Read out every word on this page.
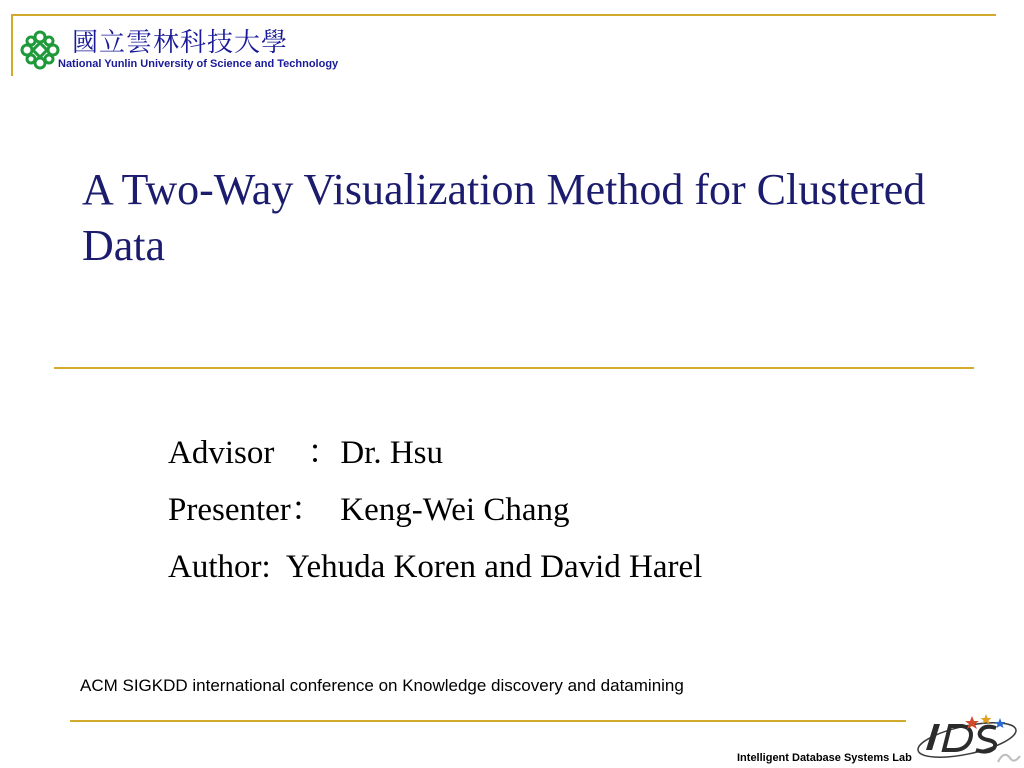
國立雲林科技大學
National Yunlin University of Science and Technology
A Two-Way Visualization Method for Clustered Data
Advisor　：Dr. Hsu
Presenter：  Keng-Wei Chang
Author:  Yehuda Koren and David Harel
ACM SIGKDD international conference on Knowledge discovery and datamining
Intelligent Database Systems Lab
